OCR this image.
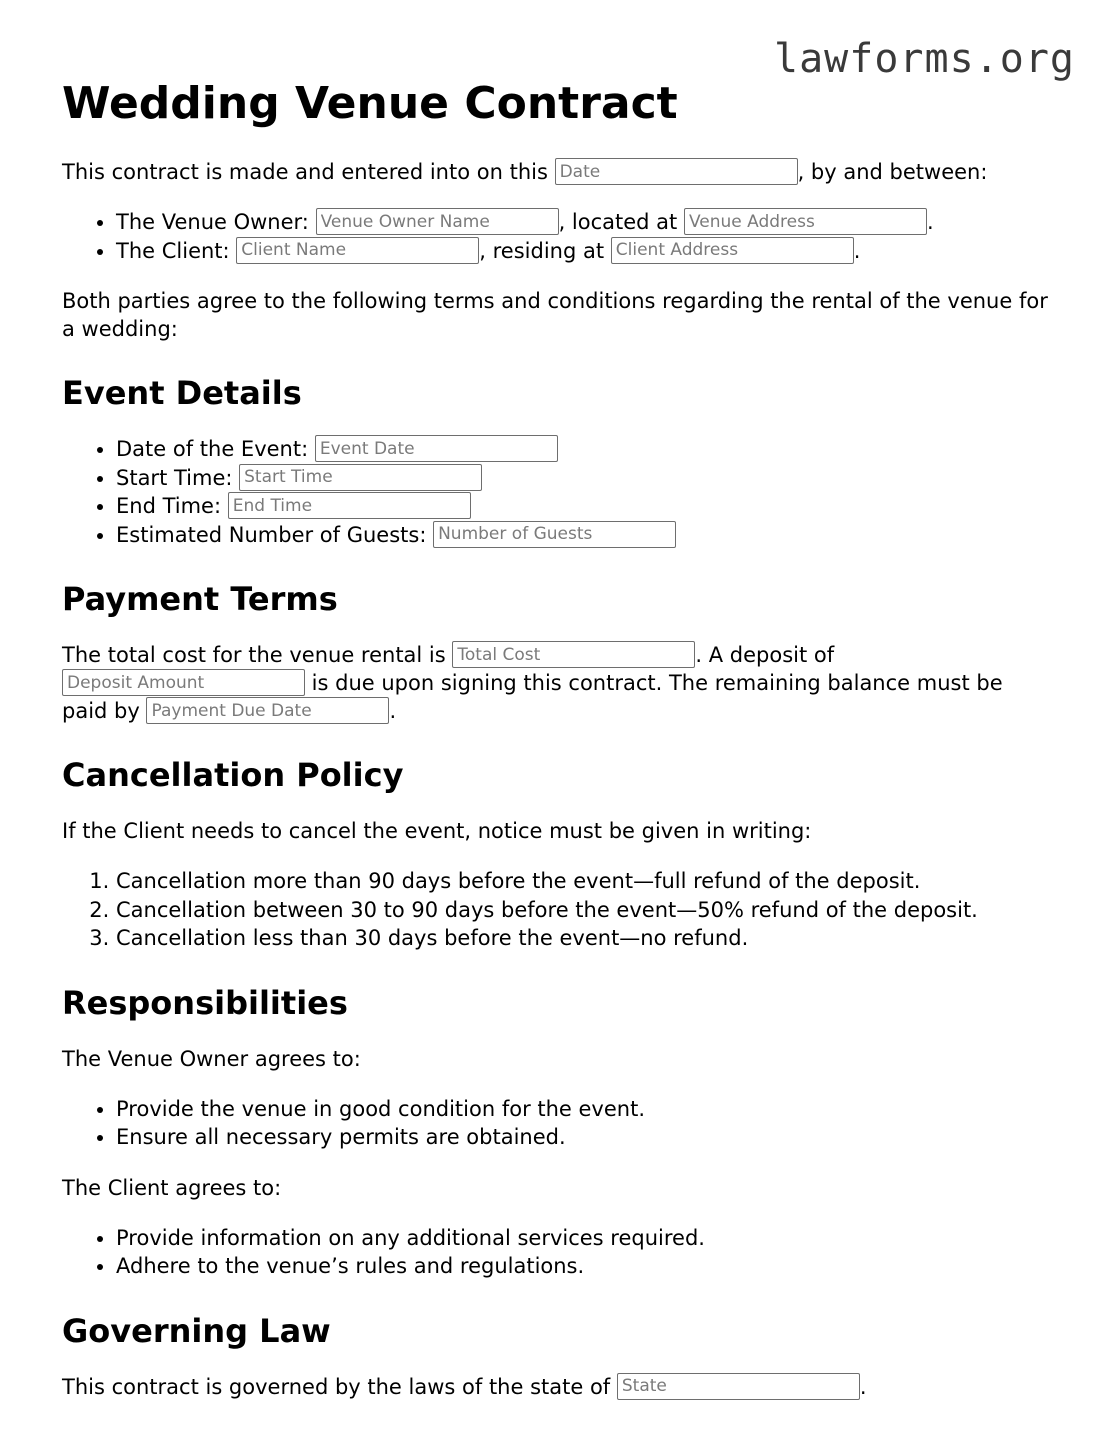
lawforms.org
Wedding Venue Contract

This contract is made and entered into on this Date	, by and between:

• The Venue Owner: Venue Owner Name	, located at Venue Address	.
• The Client: Client Name	, residing at Client Address	.

Both parties agree to the following terms and conditions regarding the rental of the venue for a wedding:

Event Details
• Date of the Event: Event Date
• Start Time: Start Time
• End Time: End Time
• Estimated Number of Guests: Number of Guests
Payment Terms

The total cost for the venue rental is Total Cost	. A deposit of Deposit Amount is due upon signing this contract. The remaining balance must be paid by Payment Due Date	.

Cancellation Policy

If the Client needs to cancel the event, notice must be given in writing:

1. Cancellation more than 90 days before the event—full refund of the deposit.
2. Cancellation between 30 to 90 days before the event—50% refund of the deposit.
3. Cancellation less than 30 days before the event—no refund.
Responsibilities

The Venue Owner agrees to:

• Provide the venue in good condition for the event.
• Ensure all necessary permits are obtained.

The Client agrees to:

• Provide information on any additional services required.
• Adhere to the venue’s rules and regulations.
Governing Law

This contract is governed by the laws of the state of State	.
